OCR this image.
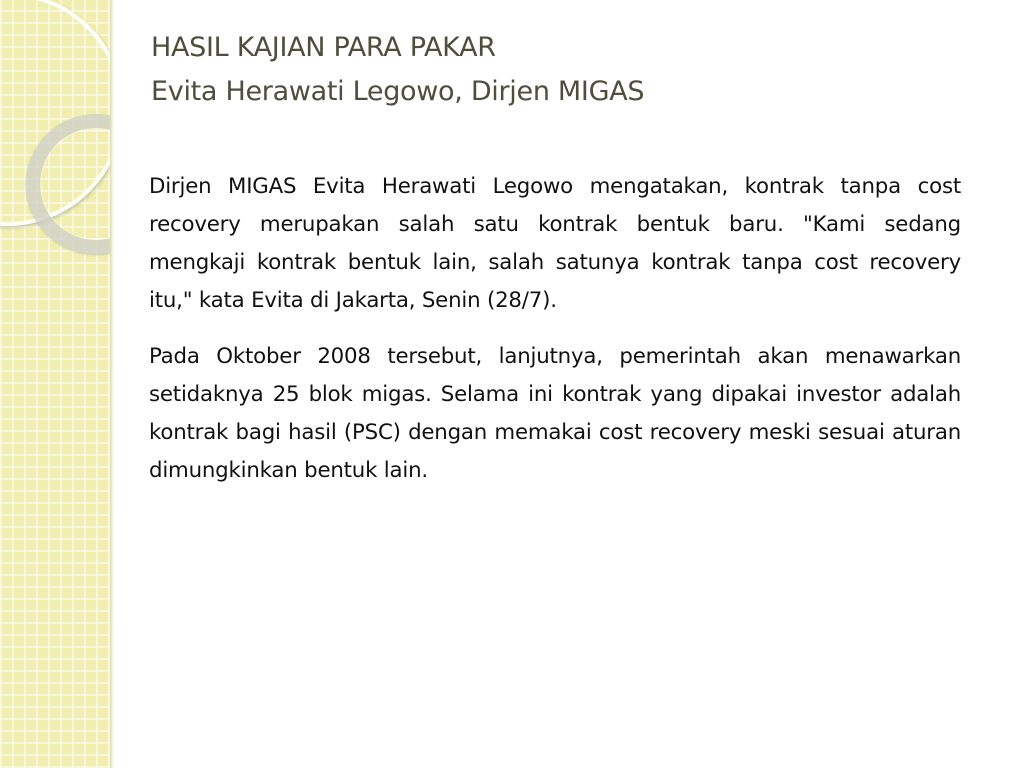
HASIL KAJIAN PARA PAKAR
Evita Herawati Legowo, Dirjen MIGAS

Dirjen MIGAS Evita Herawati Legowo mengatakan, kontrak tanpa cost recovery merupakan salah satu kontrak bentuk baru. "Kami sedang mengkaji kontrak bentuk lain, salah satunya kontrak tanpa cost recovery itu," kata Evita di Jakarta, Senin (28/7).

Pada Oktober 2008 tersebut, lanjutnya, pemerintah akan menawarkan setidaknya 25 blok migas. Selama ini kontrak yang dipakai investor adalah kontrak bagi hasil (PSC) dengan memakai cost recovery meski sesuai aturan dimungkinkan bentuk lain.
